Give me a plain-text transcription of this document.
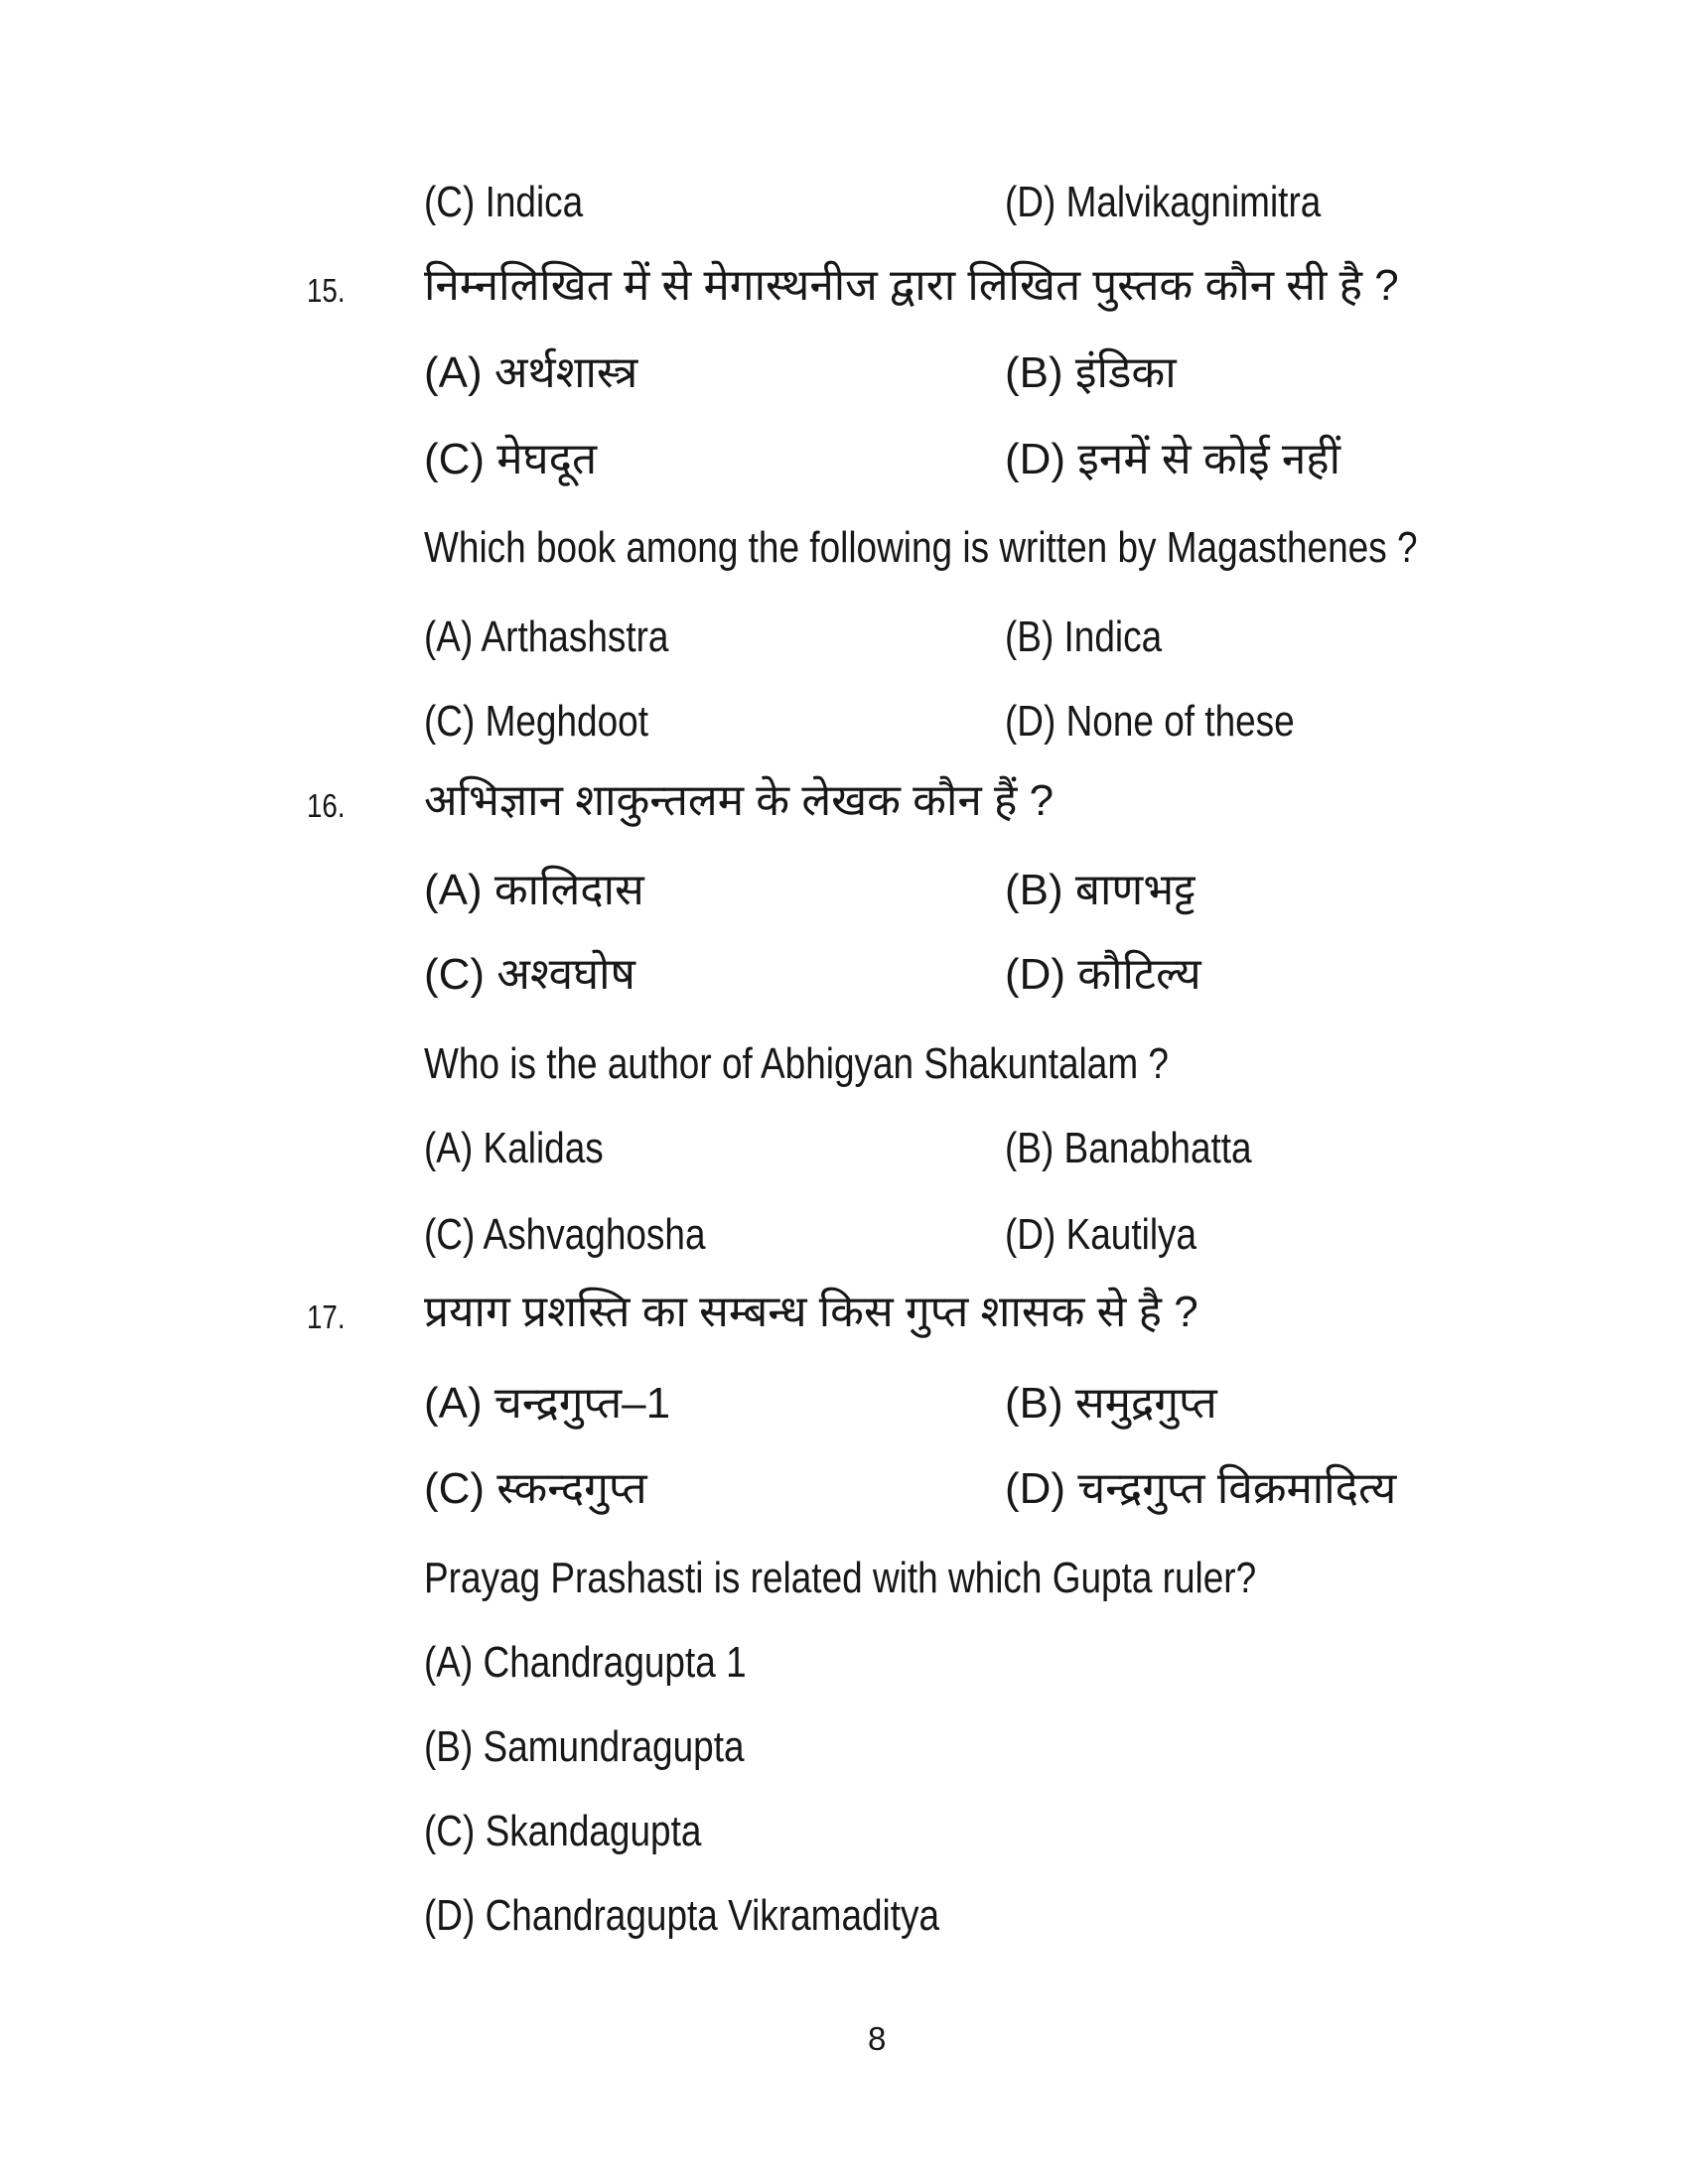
(C) Indica	(D) Malvikagnimitra
15. निम्नलिखित में से मेगास्थनीज द्वारा लिखित पुस्तक कौन सी है ?
(A) अर्थशास्त्र	(B) इंडिका
(C) मेघदूत	(D) इनमें से कोई नहीं
Which book among the following is written by Magasthenes ?
(A) Arthashstra	(B) Indica
(C) Meghdoot	(D) None of these
16. अभिज्ञान शाकुन्तलम के लेखक कौन हैं ?
(A) कालिदास	(B) बाणभट्ट
(C) अश्वघोष	(D) कौटिल्य
Who is the author of Abhigyan Shakuntalam ?
(A) Kalidas	(B) Banabhatta
(C) Ashvaghosha	(D) Kautilya
17. प्रयाग प्रशस्ति का सम्बन्ध किस गुप्त शासक से है ?
(A) चन्द्रगुप्त–1	(B) समुद्रगुप्त
(C) स्कन्दगुप्त	(D) चन्द्रगुप्त विक्रमादित्य
Prayag Prashasti is related with which Gupta ruler?
(A) Chandragupta 1
(B) Samundragupta
(C) Skandagupta
(D) Chandragupta Vikramaditya
8
